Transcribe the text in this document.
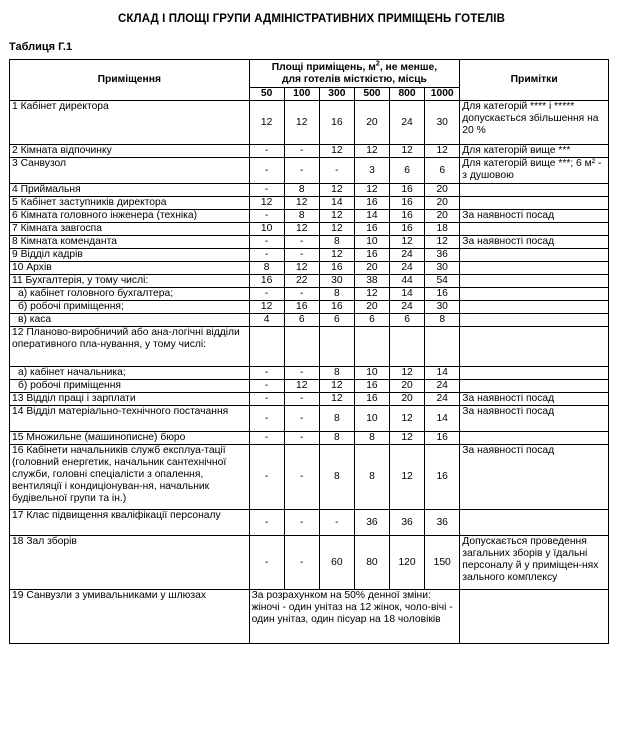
СКЛАД І ПЛОЩІ ГРУПИ АДМІНІСТРАТИВНИХ ПРИМІЩЕНЬ ГОТЕЛІВ
Таблиця Г.1
Приміщення	Площі приміщень, $м^2$, не менше,
для готелів місткістю, місць						Примітки
	50	100	300	500	800	1000	
1 Кабінет директора	12	12	16	20	24	30	Для категорій **** і ***** допускається збільшення на 20 %
2 Кімната відпочинку	-	-	12	12	12	12	Для категорій вище ***
3 Санвузол	-	-	-	3	6	6	Для категорій вище ***; 6 м² - з душовою
4 Приймальня	-	8	12	12	16	20	
5 Кабінет заступників директора	12	12	14	16	16	20	
6 Кімната головного інженера (техніка)	-	8	12	14	16	20	За наявності посад
7 Кімната завгоспа	10	12	12	16	16	18	
8 Кімната коменданта	-	-	8	10	12	12	За наявності посад
9 Відділ кадрів	-	-	12	16	24	36	
10 Архів	8	12	16	20	24	30	
11 Бухгалтерія, у тому числі:	16	22	30	38	44	54	
а) кабінет головного бухгалтера;	-	-	8	12	14	16	
б) робочі приміщення;	12	16	16	20	24	30	
в) каса	4	6	6	6	6	8	
12 Планово-виробничий або ана-логічні відділи оперативного пла-нування, у тому числі:							
а) кабінет начальника;	-	-	8	10	12	14	
б) робочі приміщення	-	12	12	16	20	24	
13 Відділ праці і зарплати	-	-	12	16	20	24	За наявності посад
14 Відділ матеріально-технічного постачання	-	-	8	10	12	14	За наявності посад
15 Множильне (машинописне) бюро	-	-	8	8	12	16	
16 Кабінети начальників служб експлуа-тації (головний енергетик, начальник сантехнічної служби, головні спеціалісти з опалення, вентиляції і кондиціонуван-ня, начальник будівельної групи та ін.)	-	-	8	8	12	16	За наявності посад
17 Клас підвищення кваліфікації персоналу	-	-	-	36	36	36	
18 Зал зборів	-	-	60	80	120	150	Допускається проведення загальних зборів у їдальні персоналу й у приміщен-нях зального комплексу
19 Санвузли з умивальниками у шлюзах	За розрахунком на 50% денної зміни: жіночі - один унітаз на 12 жінок, чоло-вічі - один унітаз, один пісуар на 18 чоловіків						
